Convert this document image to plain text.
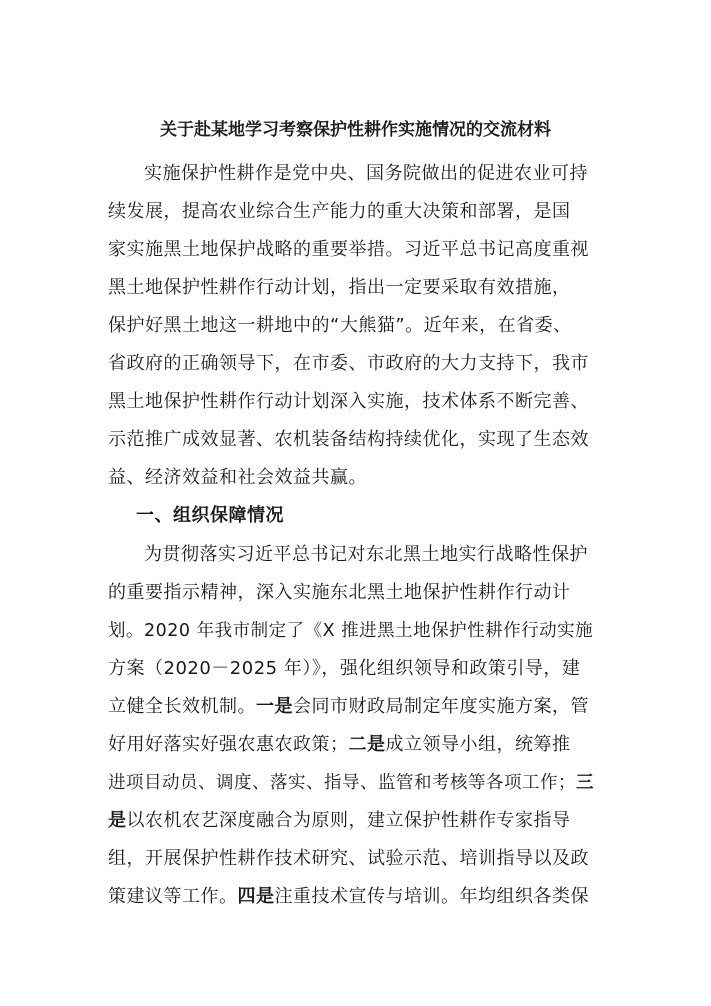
关于赴某地学习考察保护性耕作实施情况的交流材料
实施保护性耕作是党中央、国务院做出的促进农业可持
续发展，提高农业综合生产能力的重大决策和部署，是国
家实施黑土地保护战略的重要举措。习近平总书记高度重视
黑土地保护性耕作行动计划，指出一定要采取有效措施，
保护好黑土地这一耕地中的“大熊猫”。近年来，在省委、
省政府的正确领导下，在市委、市政府的大力支持下，我市
黑土地保护性耕作行动计划深入实施，技术体系不断完善、
示范推广成效显著、农机装备结构持续优化，实现了生态效
益、经济效益和社会效益共赢。
一、组织保障情况
为贯彻落实习近平总书记对东北黑土地实行战略性保护
的重要指示精神，深入实施东北黑土地保护性耕作行动计
划。2020 年我市制定了《X 推进黑土地保护性耕作行动实施
方案（2020－2025 年）》，强化组织领导和政策引导，建
立健全长效机制。一是会同市财政局制定年度实施方案，管
好用好落实好强农惠农政策；二是成立领导小组，统筹推
进项目动员、调度、落实、指导、监管和考核等各项工作；三
是以农机农艺深度融合为原则，建立保护性耕作专家指导
组，开展保护性耕作技术研究、试验示范、培训指导以及政
策建议等工作。四是注重技术宣传与培训。年均组织各类保
